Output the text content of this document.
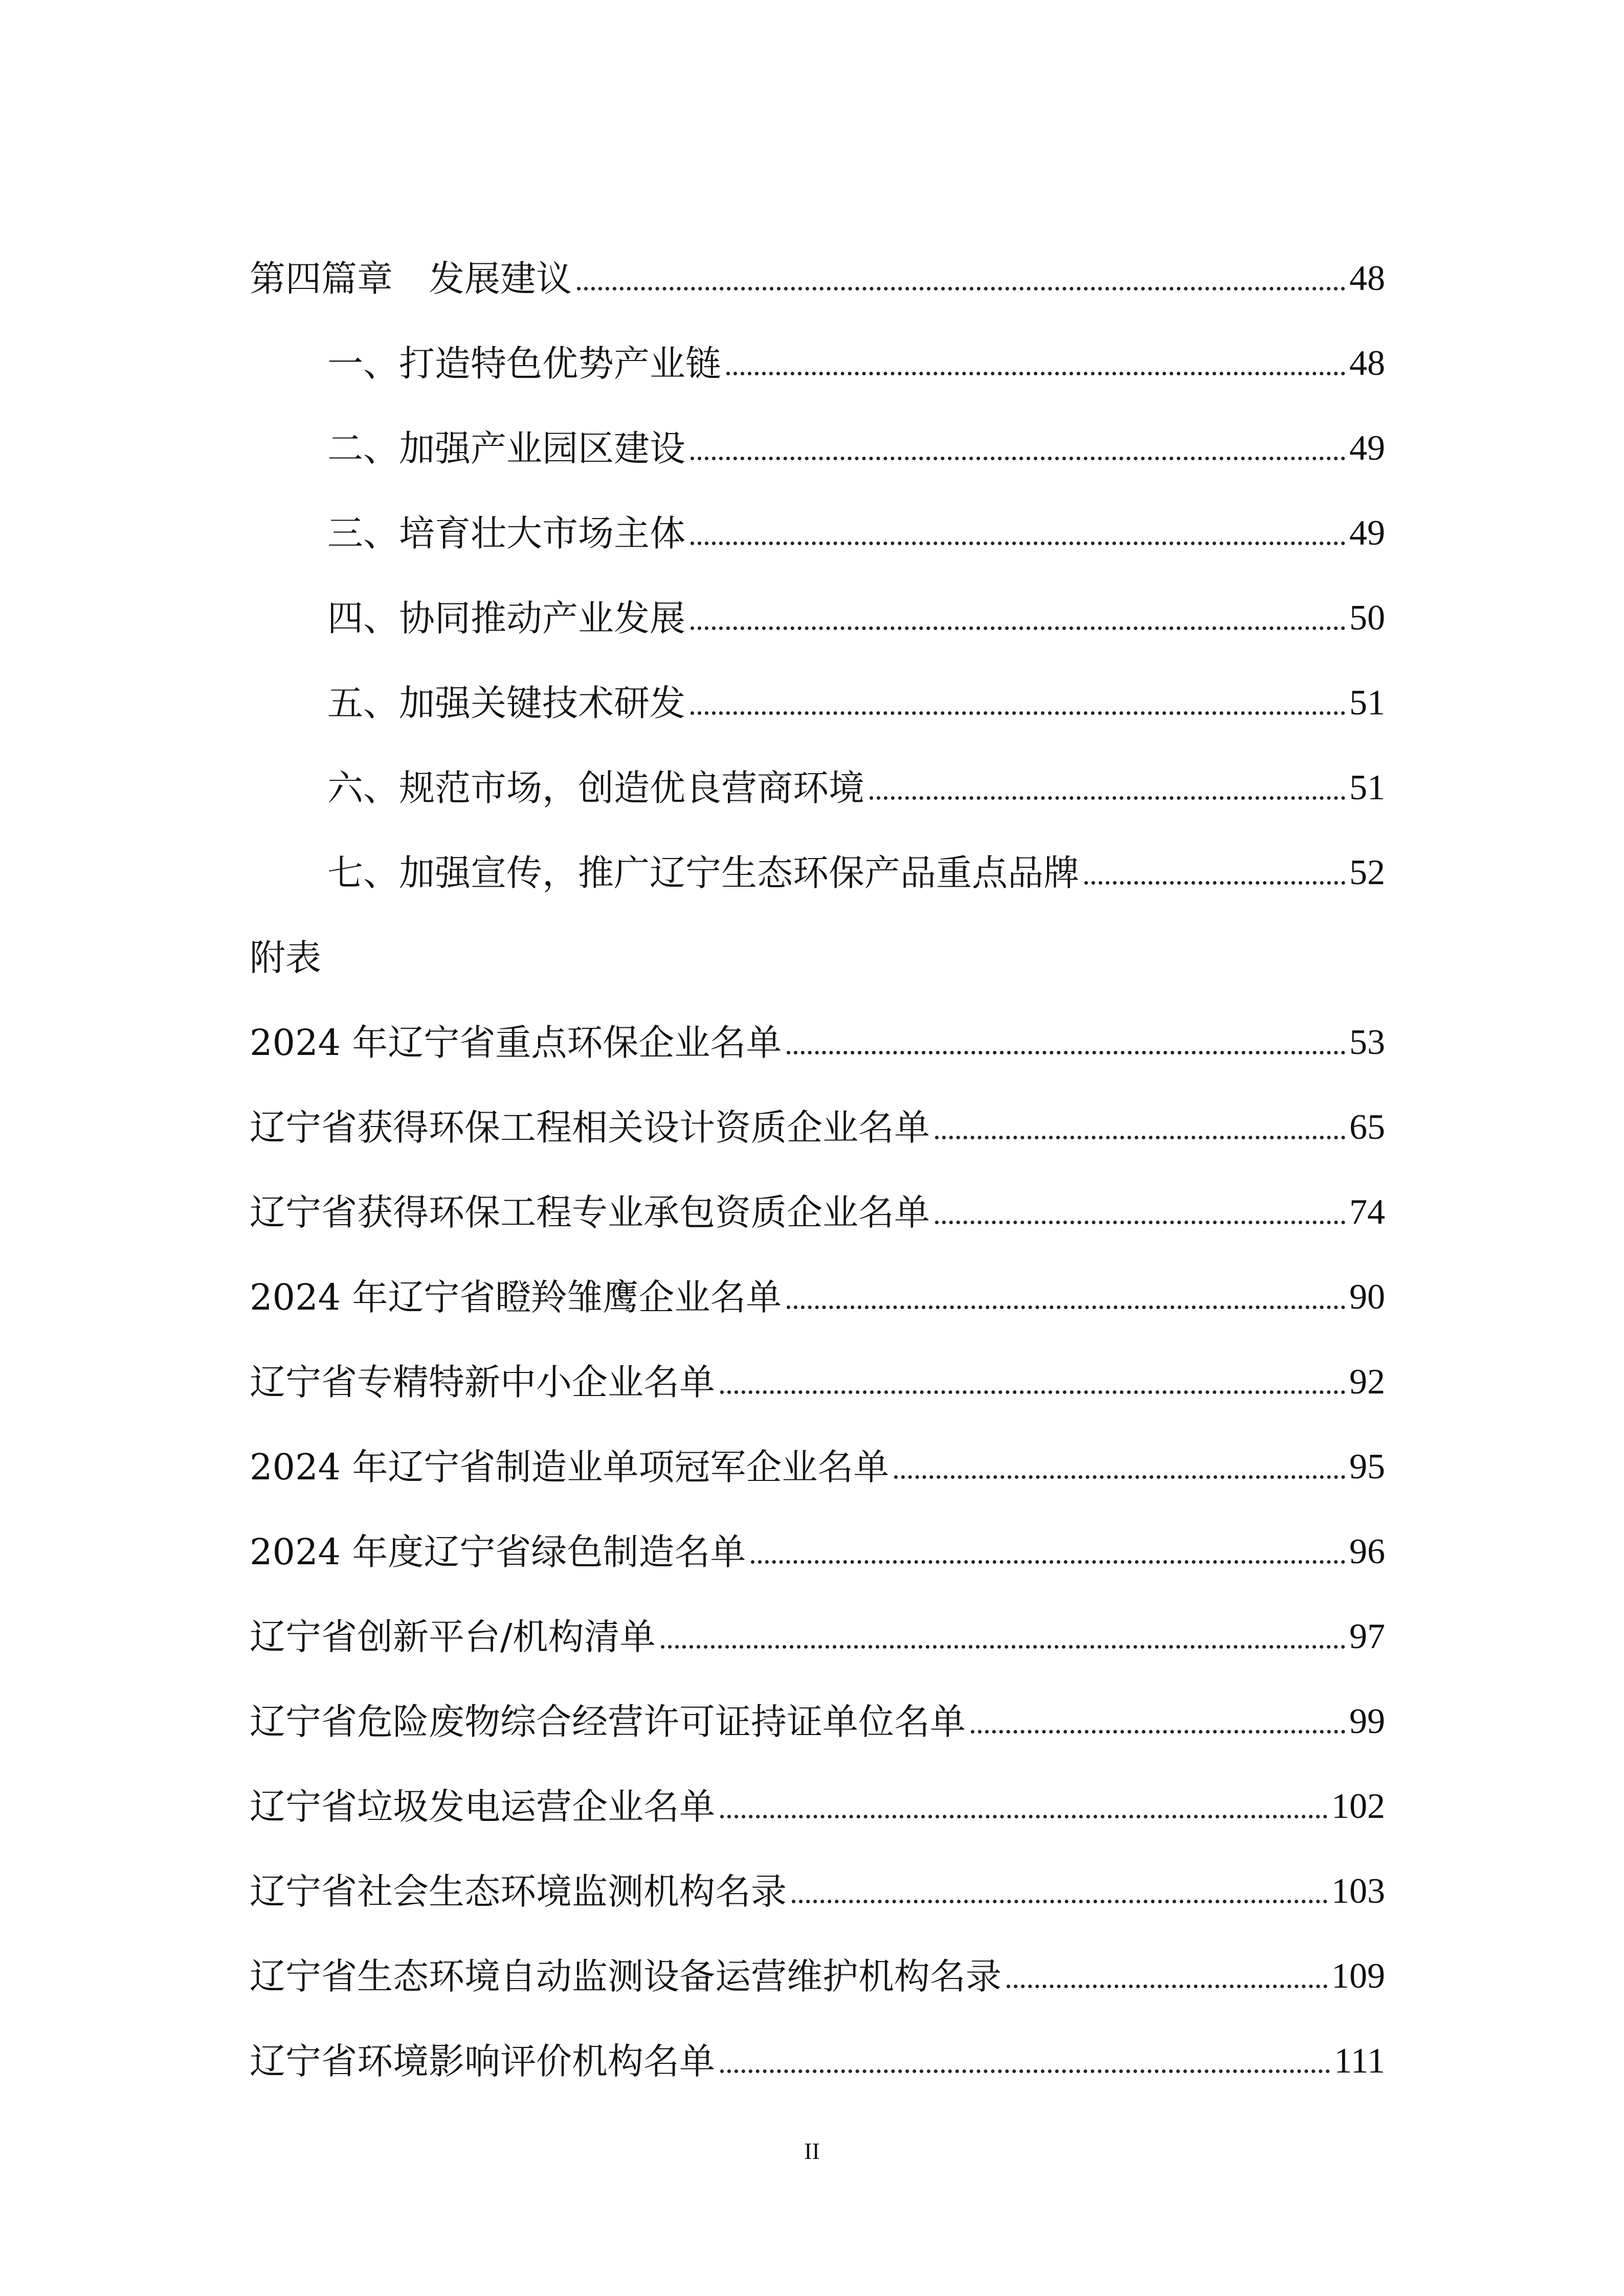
第四篇章　发展建议	48
一、打造特色优势产业链	48
二、加强产业园区建设	49
三、培育壮大市场主体	49
四、协同推动产业发展	50
五、加强关键技术研发	51
六、规范市场，创造优良营商环境	51
七、加强宣传，推广辽宁生态环保产品重点品牌	52
附表
2024 年辽宁省重点环保企业名单	53
辽宁省获得环保工程相关设计资质企业名单	65
辽宁省获得环保工程专业承包资质企业名单	74
2024 年辽宁省瞪羚雏鹰企业名单	90
辽宁省专精特新中小企业名单	92
2024 年辽宁省制造业单项冠军企业名单	95
2024 年度辽宁省绿色制造名单	96
辽宁省创新平台/机构清单	97
辽宁省危险废物综合经营许可证持证单位名单	99
辽宁省垃圾发电运营企业名单	102
辽宁省社会生态环境监测机构名录	103
辽宁省生态环境自动监测设备运营维护机构名录	109
辽宁省环境影响评价机构名单	111
II
